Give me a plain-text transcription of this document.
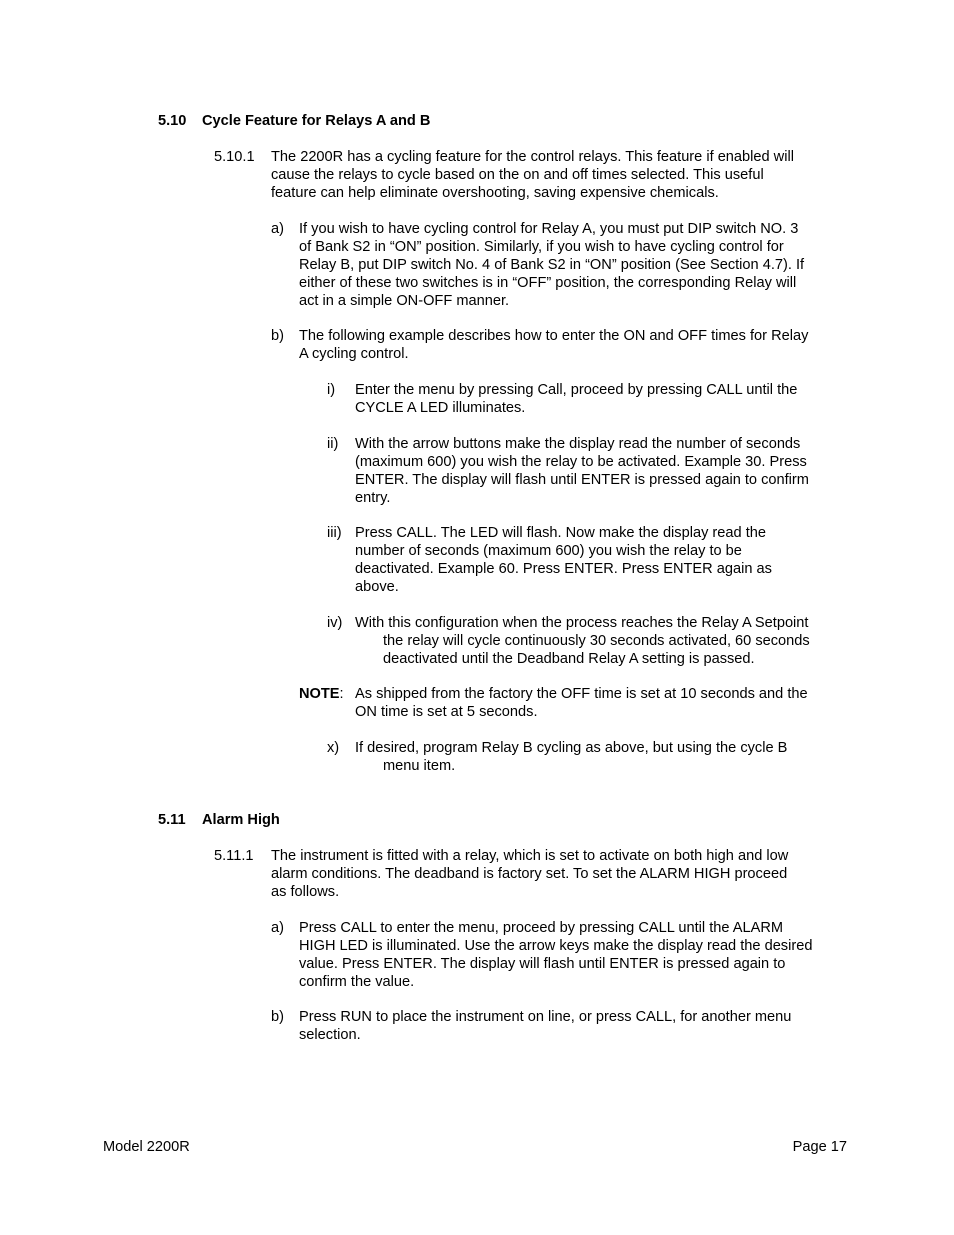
5.10 Cycle Feature for Relays A and B
5.10.1 The 2200R has a cycling feature for the control relays. This feature if enabled will
cause the relays to cycle based on the on and off times selected. This useful
feature can help eliminate overshooting, saving expensive chemicals.
a) If you wish to have cycling control for Relay A, you must put DIP switch NO. 3
of Bank S2 in “ON” position. Similarly, if you wish to have cycling control for
Relay B, put DIP switch No. 4 of Bank S2 in “ON” position (See Section 4.7). If
either of these two switches is in “OFF” position, the corresponding Relay will
act in a simple ON-OFF manner.
b) The following example describes how to enter the ON and OFF times for Relay
A cycling control.
i) Enter the menu by pressing Call, proceed by pressing CALL until the
CYCLE A LED illuminates.
ii) With the arrow buttons make the display read the number of seconds
(maximum 600) you wish the relay to be activated. Example 30. Press
ENTER. The display will flash until ENTER is pressed again to confirm
entry.
iii) Press CALL. The LED will flash. Now make the display read the
number of seconds (maximum 600) you wish the relay to be
deactivated. Example 60. Press ENTER. Press ENTER again as
above.
iv) With this configuration when the process reaches the Relay A Setpoint
the relay will cycle continuously 30 seconds activated, 60 seconds
deactivated until the Deadband Relay A setting is passed.
NOTE: As shipped from the factory the OFF time is set at 10 seconds and the
ON time is set at 5 seconds.
x) If desired, program Relay B cycling as above, but using the cycle B
menu item.
5.11 Alarm High
5.11.1 The instrument is fitted with a relay, which is set to activate on both high and low
alarm conditions. The deadband is factory set. To set the ALARM HIGH proceed
as follows.
a) Press CALL to enter the menu, proceed by pressing CALL until the ALARM
HIGH LED is illuminated. Use the arrow keys make the display read the desired
value. Press ENTER. The display will flash until ENTER is pressed again to
confirm the value.
b) Press RUN to place the instrument on line, or press CALL, for another menu
selection.
Model 2200R	Page 17
